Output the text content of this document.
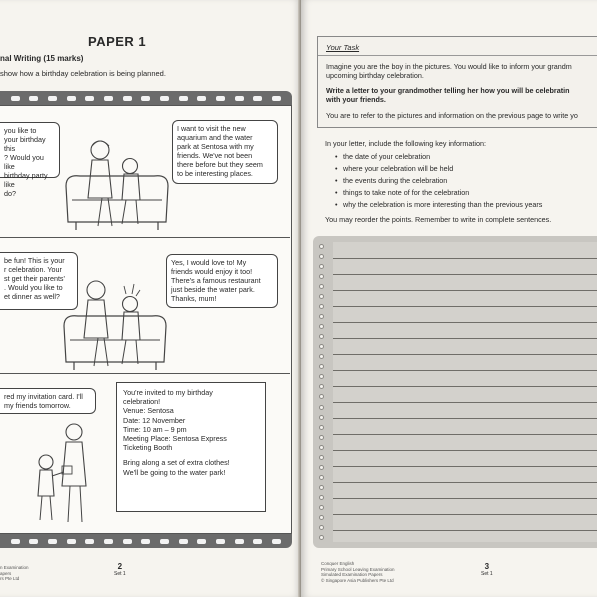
PAPER 1
nal Writing (15 marks)
show how a birthday celebration is being planned.
you like to
your birthday this
? Would you like
birthday party like
do?
I want to visit the new
aquarium and the water
park at Sentosa with my
friends. We've not been
there before but they seem
to be interesting places.
be fun! This is your
r celebration. Your
st get their parents'
. Would you like to
et dinner as well?
Yes, I would love to! My
friends would enjoy it too!
There's a famous restaurant
just beside the water park.
Thanks, mum!
red my invitation card. I'll
my friends tomorrow.
You're invited to my birthday
celebration!
Venue: Sentosa
Date: 12 November
Time: 10 am – 9 pm
Meeting Place: Sentosa Express
Ticketing Booth
Bring along a set of extra clothes!
We'll be going to the water park!
n Examination
apers
rs Pte Ltd
2
Set 1
Your Task
Imagine you are the boy in the pictures. You would like to inform your grandm
upcoming birthday celebration.
Write a letter to your grandmother telling her how you will be celebratin
with your friends.
You are to refer to the pictures and information on the previous page to write yo
In your letter, include the following key information:
• the date of your celebration
• where your celebration will be held
• the events during the celebration
• things to take note of for the celebration
• why the celebration is more interesting than the previous years
You may reorder the points. Remember to write in complete sentences.
Conquer English
Primary School Leaving Examination
Simulated Examination Papers
© Singapore Asia Publishers Pte Ltd
3
Set 1
